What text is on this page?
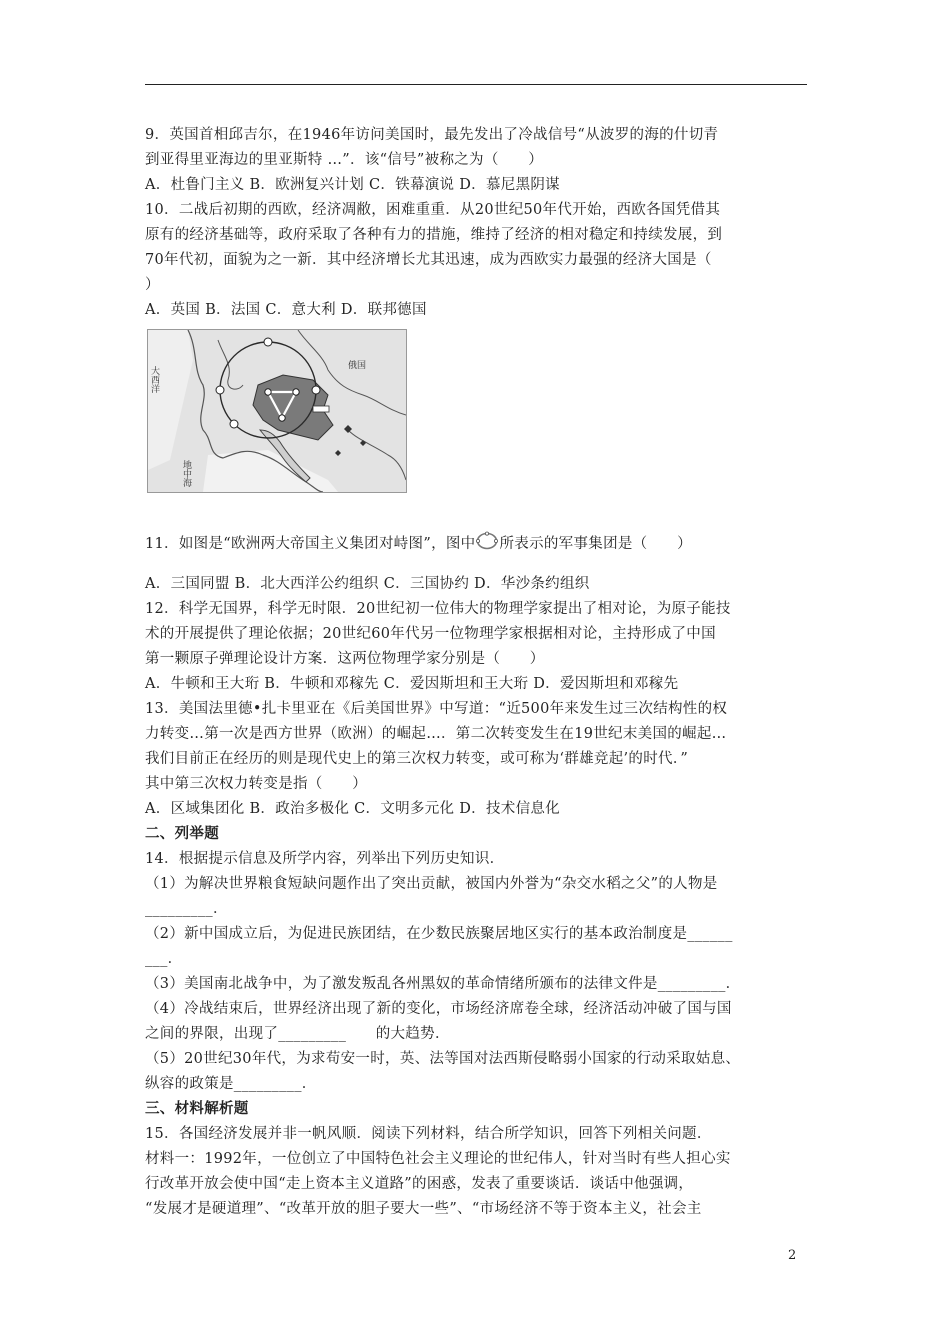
9．英国首相邱吉尔，在1946年访问美国时，最先发出了冷战信号“从波罗的海的什切青
到亚得里亚海边的里亚斯特 …”．该“信号”被称之为（　　）
A．杜鲁门主义 B．欧洲复兴计划 C．铁幕演说 D．慕尼黑阴谋
10．二战后初期的西欧，经济凋敝，困难重重．从20世纪50年代开始，西欧各国凭借其
原有的经济基础等，政府采取了各种有力的措施，维持了经济的相对稳定和持续发展，到
70年代初，面貌为之一新．其中经济增长尤其迅速，成为西欧实力最强的经济大国是（
）
A．英国 B．法国 C．意大利 D．联邦德国
大西洋	俄国
地中海
11．如图是“欧洲两大帝国主义集团对峙图”，图中 所表示的军事集团是（　　）
A．三国同盟 B．北大西洋公约组织 C．三国协约 D．华沙条约组织
12．科学无国界，科学无时限．20世纪初一位伟大的物理学家提出了相对论，为原子能技
术的开展提供了理论依据；20世纪60年代另一位物理学家根据相对论，主持形成了中国
第一颗原子弹理论设计方案．这两位物理学家分别是（　　）
A．牛顿和王大珩 B．牛顿和邓稼先 C．爱因斯坦和王大珩 D．爱因斯坦和邓稼先
13．美国法里德•扎卡里亚在《后美国世界》中写道：“近500年来发生过三次结构性的权
力转变…第一次是西方世界（欧洲）的崛起…．第二次转变发生在19世纪末美国的崛起…
我们目前正在经历的则是现代史上的第三次权力转变，或可称为‘群雄竞起’的时代．”
其中第三次权力转变是指（　　）
A．区域集团化 B．政治多极化 C．文明多元化 D．技术信息化
二、列举题
14．根据提示信息及所学内容，列举出下列历史知识．
（1）为解决世界粮食短缺问题作出了突出贡献，被国内外誉为“杂交水稻之父”的人物是
_________．
（2）新中国成立后，为促进民族团结，在少数民族聚居地区实行的基本政治制度是______
___．
（3）美国南北战争中，为了激发叛乱各州黑奴的革命情绪所颁布的法律文件是_________．
（4）冷战结束后，世界经济出现了新的变化，市场经济席卷全球，经济活动冲破了国与国
之间的界限，出现了_________　　的大趋势．
（5）20世纪30年代，为求苟安一时，英、法等国对法西斯侵略弱小国家的行动采取姑息、
纵容的政策是_________．
三、材料解析题
15．各国经济发展并非一帆风顺．阅读下列材料，结合所学知识，回答下列相关问题．
材料一：1992年，一位创立了中国特色社会主义理论的世纪伟人，针对当时有些人担心实
行改革开放会使中国“走上资本主义道路”的困惑，发表了重要谈话．谈话中他强调，
“发展才是硬道理”、“改革开放的胆子要大一些”、“市场经济不等于资本主义，社会主
2
